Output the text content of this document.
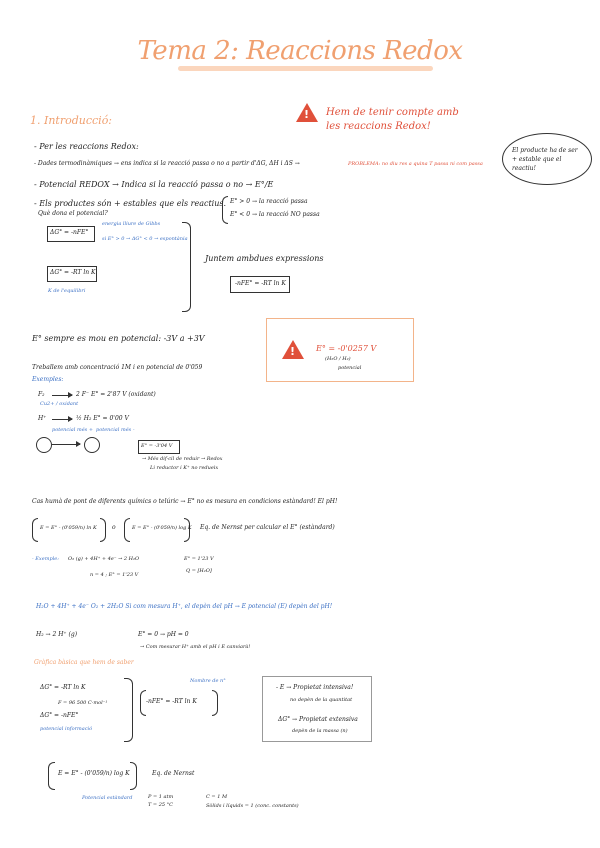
Tema 2: Reaccions Redox
1. Introducció:	! Hem de tenir compte amb les reaccions Redox!
El producte ha de ser + estable que el reactiu!
- Per les reaccions Redox:
- Dades termodinàmiques → ens indica si la reacció passa o no a partir d'ΔG, ΔH i ΔS →	PROBLEMA: no diu res a quina T passa ni com passa
- Potencial REDOX → Indica si la reacció passa o no → E°/E
- Els productes són + estables que els reactius.
Què dona el potencial?
E° > 0 → la reacció passa
E° < 0 → la reacció NO passa
ΔG° = -nFE°
energia lliure de Gibbs
si E° > 0 → ΔG° < 0 → espontània
ΔG° = -RT ln K
K de l'equilibri
Juntem ambdues expressions
-nFE° = -RT ln K
E° sempre es mou en potencial: -3V a +3V
!	E° = -0'0257 V
(H₂O / H₂)
potencial
Treballem amb concentració 1M i en potencial de 0'059
Exemples:
F₂	2 F⁻ E° = 2'87 V (oxidant)
Cu2+ / oxidant
H⁺	½ H₂ E° = 0'00 V
potencial més + potencial més -
E° = -3'04 V
→ Més dif·cil de reduir → Redox
Li reductor i K⁺ no redueix
Cas humà de pont de diferents químics o telúric → E° no es mesura en condicions estàndard! El pH!
E = E° - (0'059/n) ln K	o	E = E° - (0'059/n) log K Eq. de Nernst per calcular el E° (estàndard)
- Exemple: O₂ (g) + 4H⁺ + 4e⁻ → 2 H₂O
n = 4 ; E° = 1'23 V
E° = 1'23 V
Q = [H₂O]
H₂O + 4H⁺ + 4e⁻ O₂ + 2H₂O Si com mesura H⁺, el depèn del pH → E potencial (E) depèn del pH!
H₂ → 2 H⁺ (g)	E° = 0 → pH = 0
→ Com mesurar H⁺ amb el pH i E canviarà!
Gràfica bàsica que hem de saber
ΔG° = -RT ln K
F = 96 500 C·mol⁻¹
ΔG° = -nFE°
potencial informació
-nFE° = -RT ln K
Nombre de n°
- E → Propietat intensiva!
no depèn de la quantitat
ΔG° → Propietat extensiva
depèn de la massa (n)
E = E° - (0'059/n) log K	Eq. de Nernst
Potencial estàndard	P = 1 atm
T = 25 °C
C = 1 M
Sòlids i líquids = 1 (conc. constants)
